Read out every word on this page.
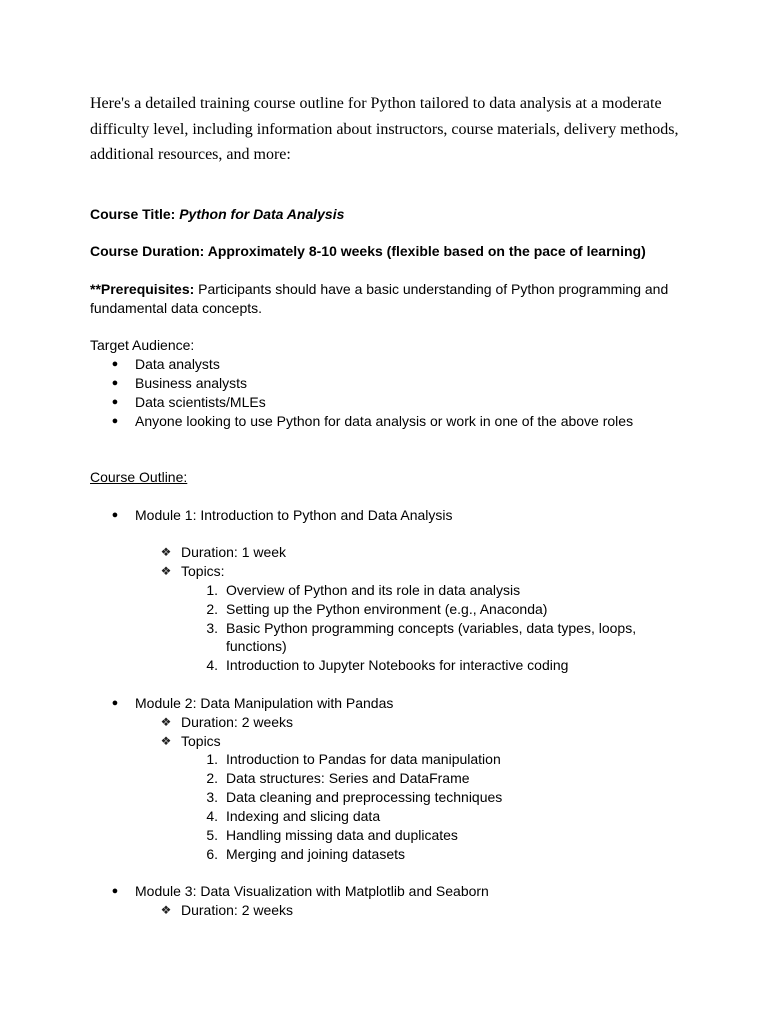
Here's a detailed training course outline for Python tailored to data analysis at a moderate
difficulty level, including information about instructors, course materials, delivery methods,
additional resources, and more:
Course Title: Python for Data Analysis
Course Duration: Approximately 8-10 weeks (flexible based on the pace of learning)
**Prerequisites: Participants should have a basic understanding of Python programming and
fundamental data concepts.
Target Audience:
● Data analysts
● Business analysts
● Data scientists/MLEs
● Anyone looking to use Python for data analysis or work in one of the above roles
Course Outline:
● Module 1: Introduction to Python and Data Analysis
❖ Duration: 1 week
❖ Topics:
1. Overview of Python and its role in data analysis
2. Setting up the Python environment (e.g., Anaconda)
3. Basic Python programming concepts (variables, data types, loops,
functions)
4. Introduction to Jupyter Notebooks for interactive coding
● Module 2: Data Manipulation with Pandas
❖ Duration: 2 weeks
❖ Topics
1. Introduction to Pandas for data manipulation
2. Data structures: Series and DataFrame
3. Data cleaning and preprocessing techniques
4. Indexing and slicing data
5. Handling missing data and duplicates
6. Merging and joining datasets
● Module 3: Data Visualization with Matplotlib and Seaborn
❖ Duration: 2 weeks
